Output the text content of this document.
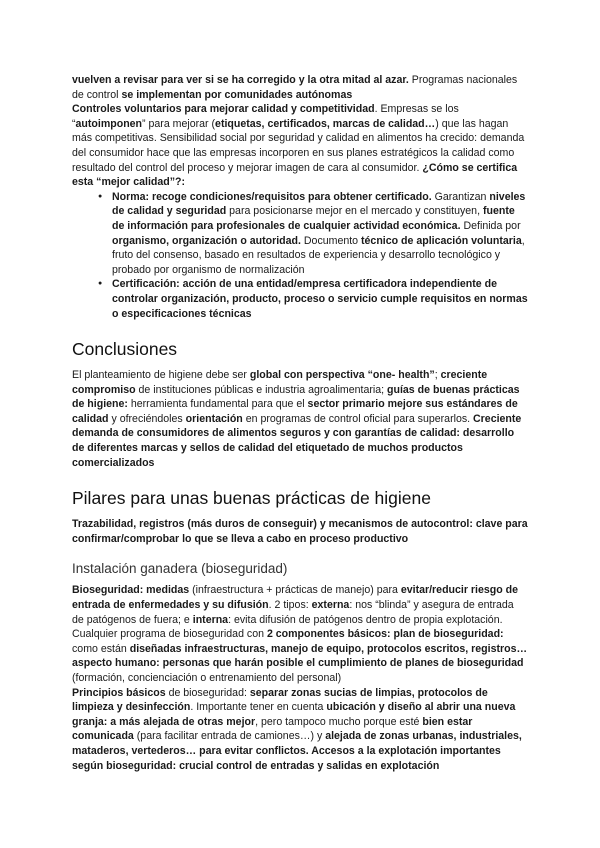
vuelven a revisar para ver si se ha corregido y la otra mitad al azar. Programas nacionales de control se implementan por comunidades autónomas

Controles voluntarios para mejorar calidad y competitividad. Empresas se los “autoimponen” para mejorar (etiquetas, certificados, marcas de calidad…) que las hagan más competitivas. Sensibilidad social por seguridad y calidad en alimentos ha crecido: demanda del consumidor hace que las empresas incorporen en sus planes estratégicos la calidad como resultado del control del proceso y mejorar imagen de cara al consumidor. ¿Cómo se certifica esta “mejor calidad”?:

● Norma: recoge condiciones/requisitos para obtener certificado. Garantizan niveles de calidad y seguridad para posicionarse mejor en el mercado y constituyen, fuente de información para profesionales de cualquier actividad económica. Definida por organismo, organización o autoridad. Documento técnico de aplicación voluntaria, fruto del consenso, basado en resultados de experiencia y desarrollo tecnológico y probado por organismo de normalización
● Certificación: acción de una entidad/empresa certificadora independiente de controlar organización, producto, proceso o servicio cumple requisitos en normas o especificaciones técnicas
Conclusiones

El planteamiento de higiene debe ser global con perspectiva “one- health”; creciente compromiso de instituciones públicas e industria agroalimentaria; guías de buenas prácticas de higiene: herramienta fundamental para que el sector primario mejore sus estándares de calidad y ofreciéndoles orientación en programas de control oficial para superarlos. Creciente demanda de consumidores de alimentos seguros y con garantías de calidad: desarrollo de diferentes marcas y sellos de calidad del etiquetado de muchos productos comercializados

Pilares para unas buenas prácticas de higiene

Trazabilidad, registros (más duros de conseguir) y mecanismos de autocontrol: clave para confirmar/comprobar lo que se lleva a cabo en proceso productivo

Instalación ganadera (bioseguridad)

Bioseguridad: medidas (infraestructura + prácticas de manejo) para evitar/reducir riesgo de entrada de enfermedades y su difusión. 2 tipos: externa: nos “blinda” y asegura de entrada de patógenos de fuera; e interna: evita difusión de patógenos dentro de propia explotación. Cualquier programa de bioseguridad con 2 componentes básicos: plan de bioseguridad: como están diseñadas infraestructuras, manejo de equipo, protocolos escritos, registros… aspecto humano: personas que harán posible el cumplimiento de planes de bioseguridad (formación, concienciación o entrenamiento del personal)

Principios básicos de bioseguridad: separar zonas sucias de limpias, protocolos de limpieza y desinfección. Importante tener en cuenta ubicación y diseño al abrir una nueva granja: a más alejada de otras mejor, pero tampoco mucho porque esté bien estar comunicada (para facilitar entrada de camiones…) y alejada de zonas urbanas, industriales, mataderos, vertederos… para evitar conflictos. Accesos a la explotación importantes según bioseguridad: crucial control de entradas y salidas en explotación
